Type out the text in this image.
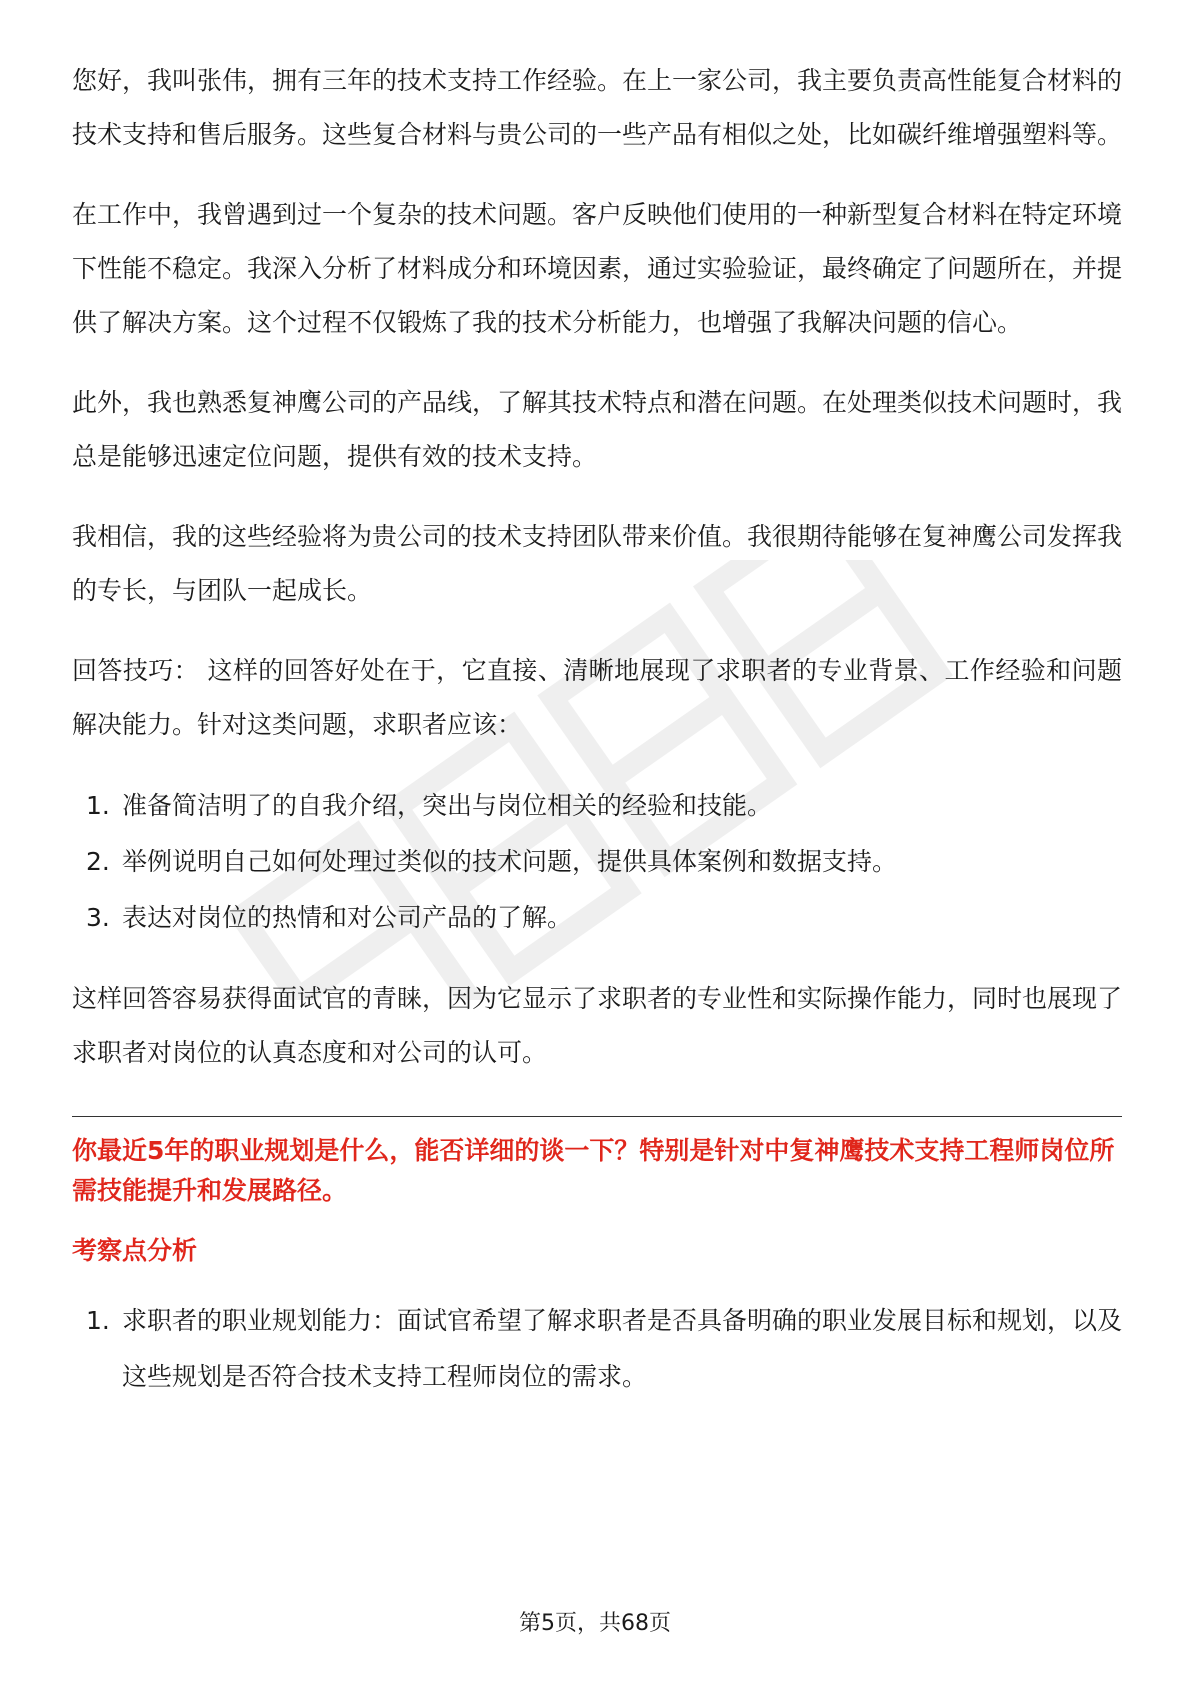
您好，我叫张伟，拥有三年的技术支持工作经验。在上一家公司，我主要负责高性能复合材料的技术支持和售后服务。这些复合材料与贵公司的一些产品有相似之处，比如碳纤维增强塑料等。

在工作中，我曾遇到过一个复杂的技术问题。客户反映他们使用的一种新型复合材料在特定环境下性能不稳定。我深入分析了材料成分和环境因素，通过实验验证，最终确定了问题所在，并提供了解决方案。这个过程不仅锻炼了我的技术分析能力，也增强了我解决问题的信心。

此外，我也熟悉复神鹰公司的产品线，了解其技术特点和潜在问题。在处理类似技术问题时，我总是能够迅速定位问题，提供有效的技术支持。

我相信，我的这些经验将为贵公司的技术支持团队带来价值。我很期待能够在复神鹰公司发挥我的专长，与团队一起成长。

回答技巧： 这样的回答好处在于，它直接、清晰地展现了求职者的专业背景、工作经验和问题解决能力。针对这类问题，求职者应该：

1. 准备简洁明了的自我介绍，突出与岗位相关的经验和技能。
2. 举例说明自己如何处理过类似的技术问题，提供具体案例和数据支持。
3. 表达对岗位的热情和对公司产品的了解。

这样回答容易获得面试官的青睐，因为它显示了求职者的专业性和实际操作能力，同时也展现了求职者对岗位的认真态度和对公司的认可。

你最近5年的职业规划是什么，能否详细的谈一下？特别是针对中复神鹰技术支持工程师岗位所需技能提升和发展路径。

考察点分析
1. 求职者的职业规划能力：面试官希望了解求职者是否具备明确的职业发展目标和规划，以及这些规划是否符合技术支持工程师岗位的需求。
第5页，共68页
